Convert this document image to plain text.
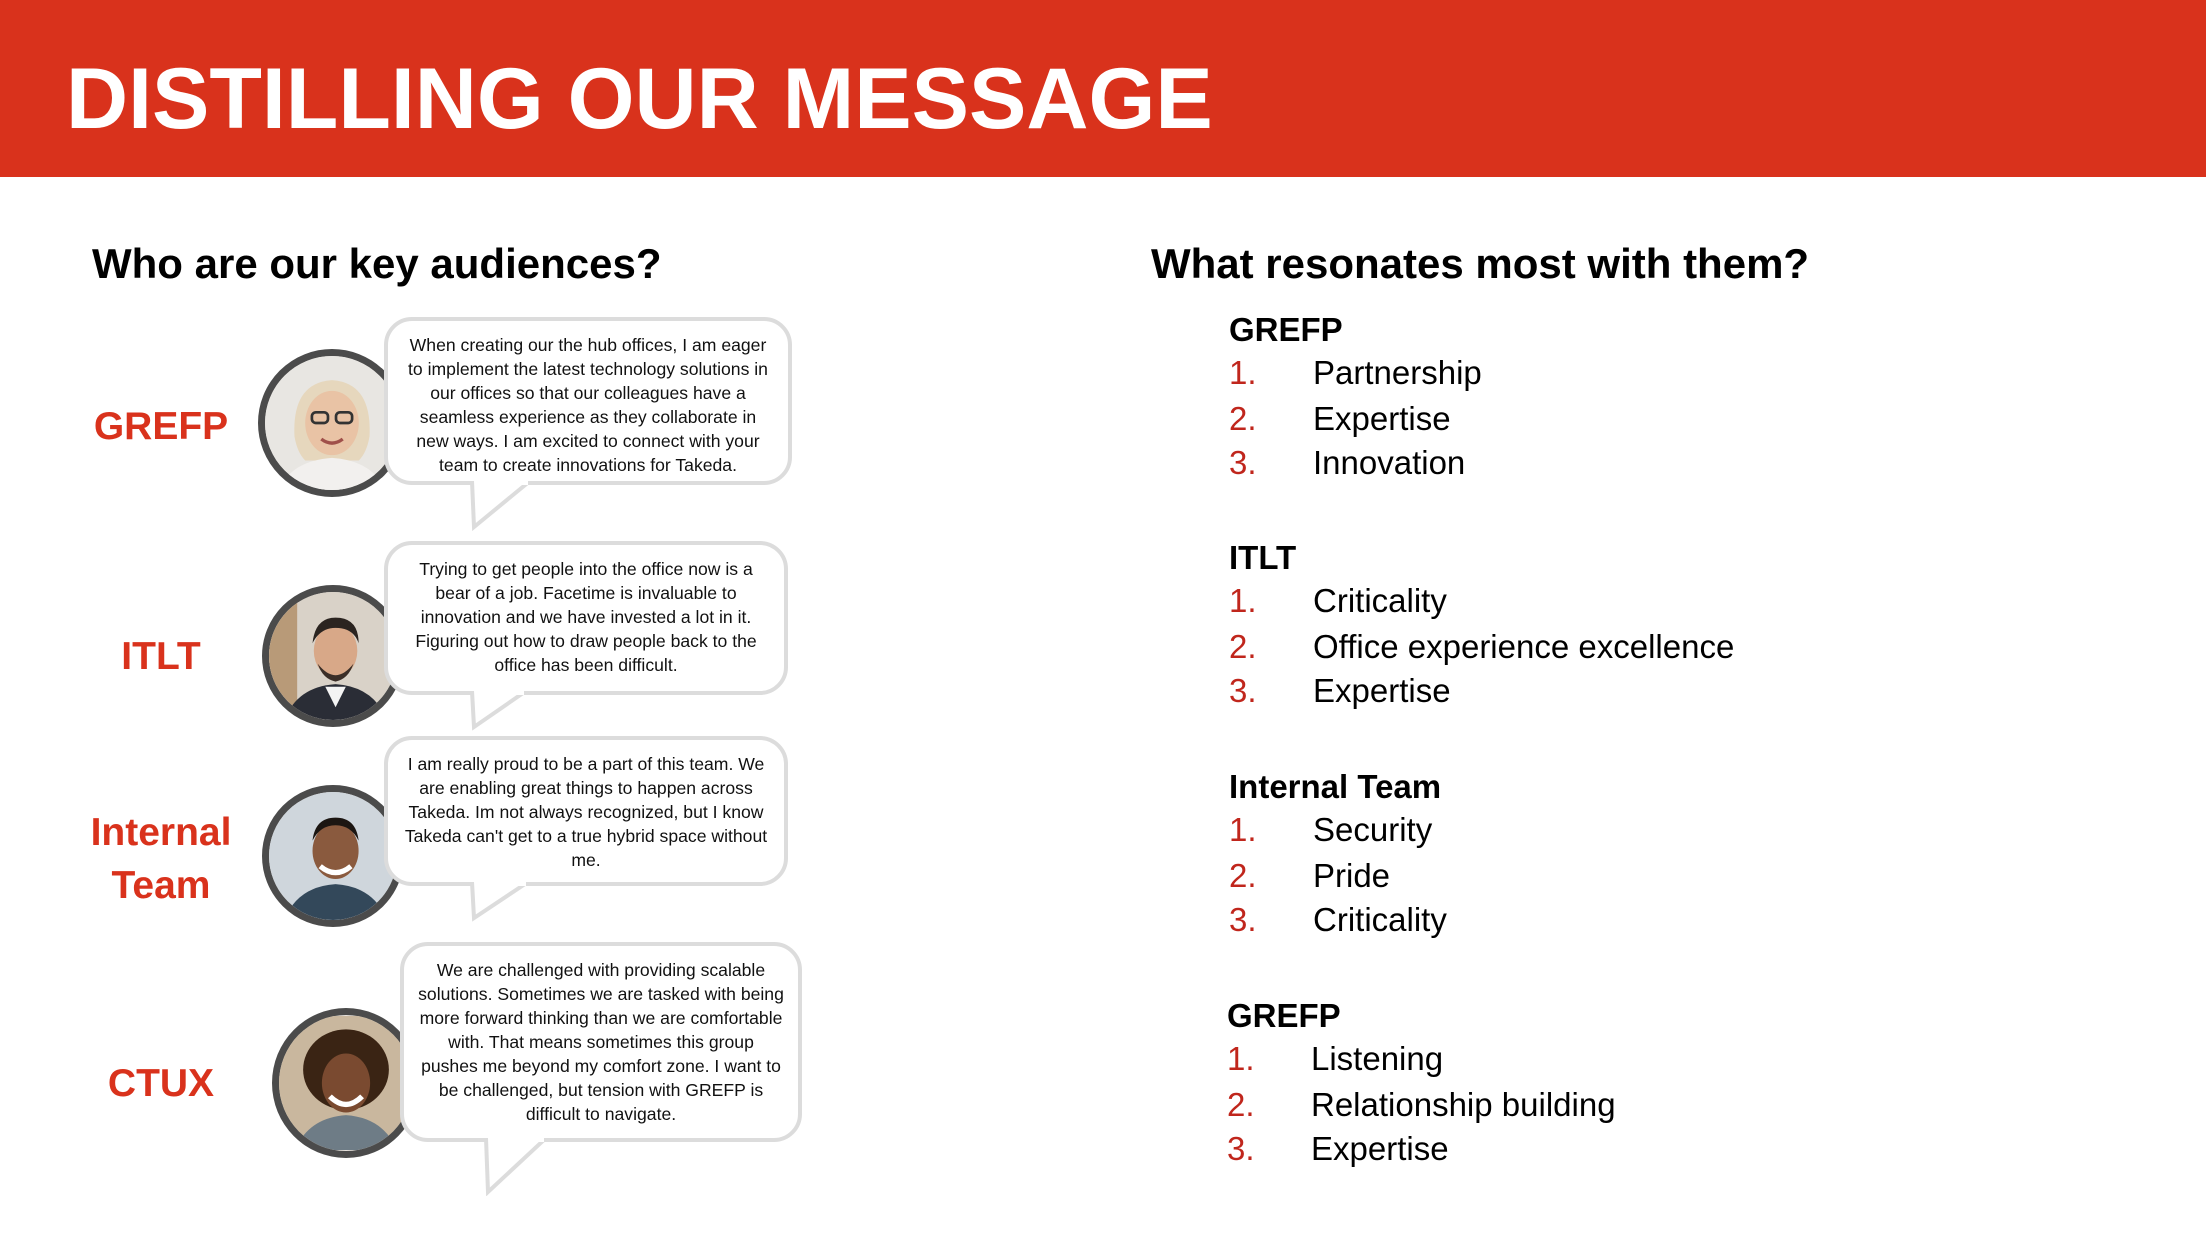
DISTILLING OUR MESSAGE
Who are our key audiences?
GREFP
When creating our the hub offices, I am eager to implement the latest technology solutions in our offices so that our colleagues have a seamless experience as they collaborate in new ways. I am excited to connect with your team to create innovations for Takeda.
ITLT
Trying to get people into the office now is a bear of a job. Facetime is invaluable to innovation and we have invested a lot in it. Figuring out how to draw people back to the office has been difficult.
Internal Team
I am really proud to be a part of this team. We are enabling great things to happen across Takeda. Im not always recognized, but I know Takeda can't get to a true hybrid space without me.
CTUX
We are challenged with providing scalable solutions. Sometimes we are tasked with being more forward thinking than we are comfortable with. That means sometimes this group pushes me beyond my comfort zone. I want to be challenged, but tension with GREFP is difficult to navigate.
What resonates most with them?
GREFP
1. Partnership
2. Expertise
3. Innovation
ITLT
1. Criticality
2. Office experience excellence
3. Expertise
Internal Team
1. Security
2. Pride
3. Criticality
GREFP
1. Listening
2. Relationship building
3. Expertise
